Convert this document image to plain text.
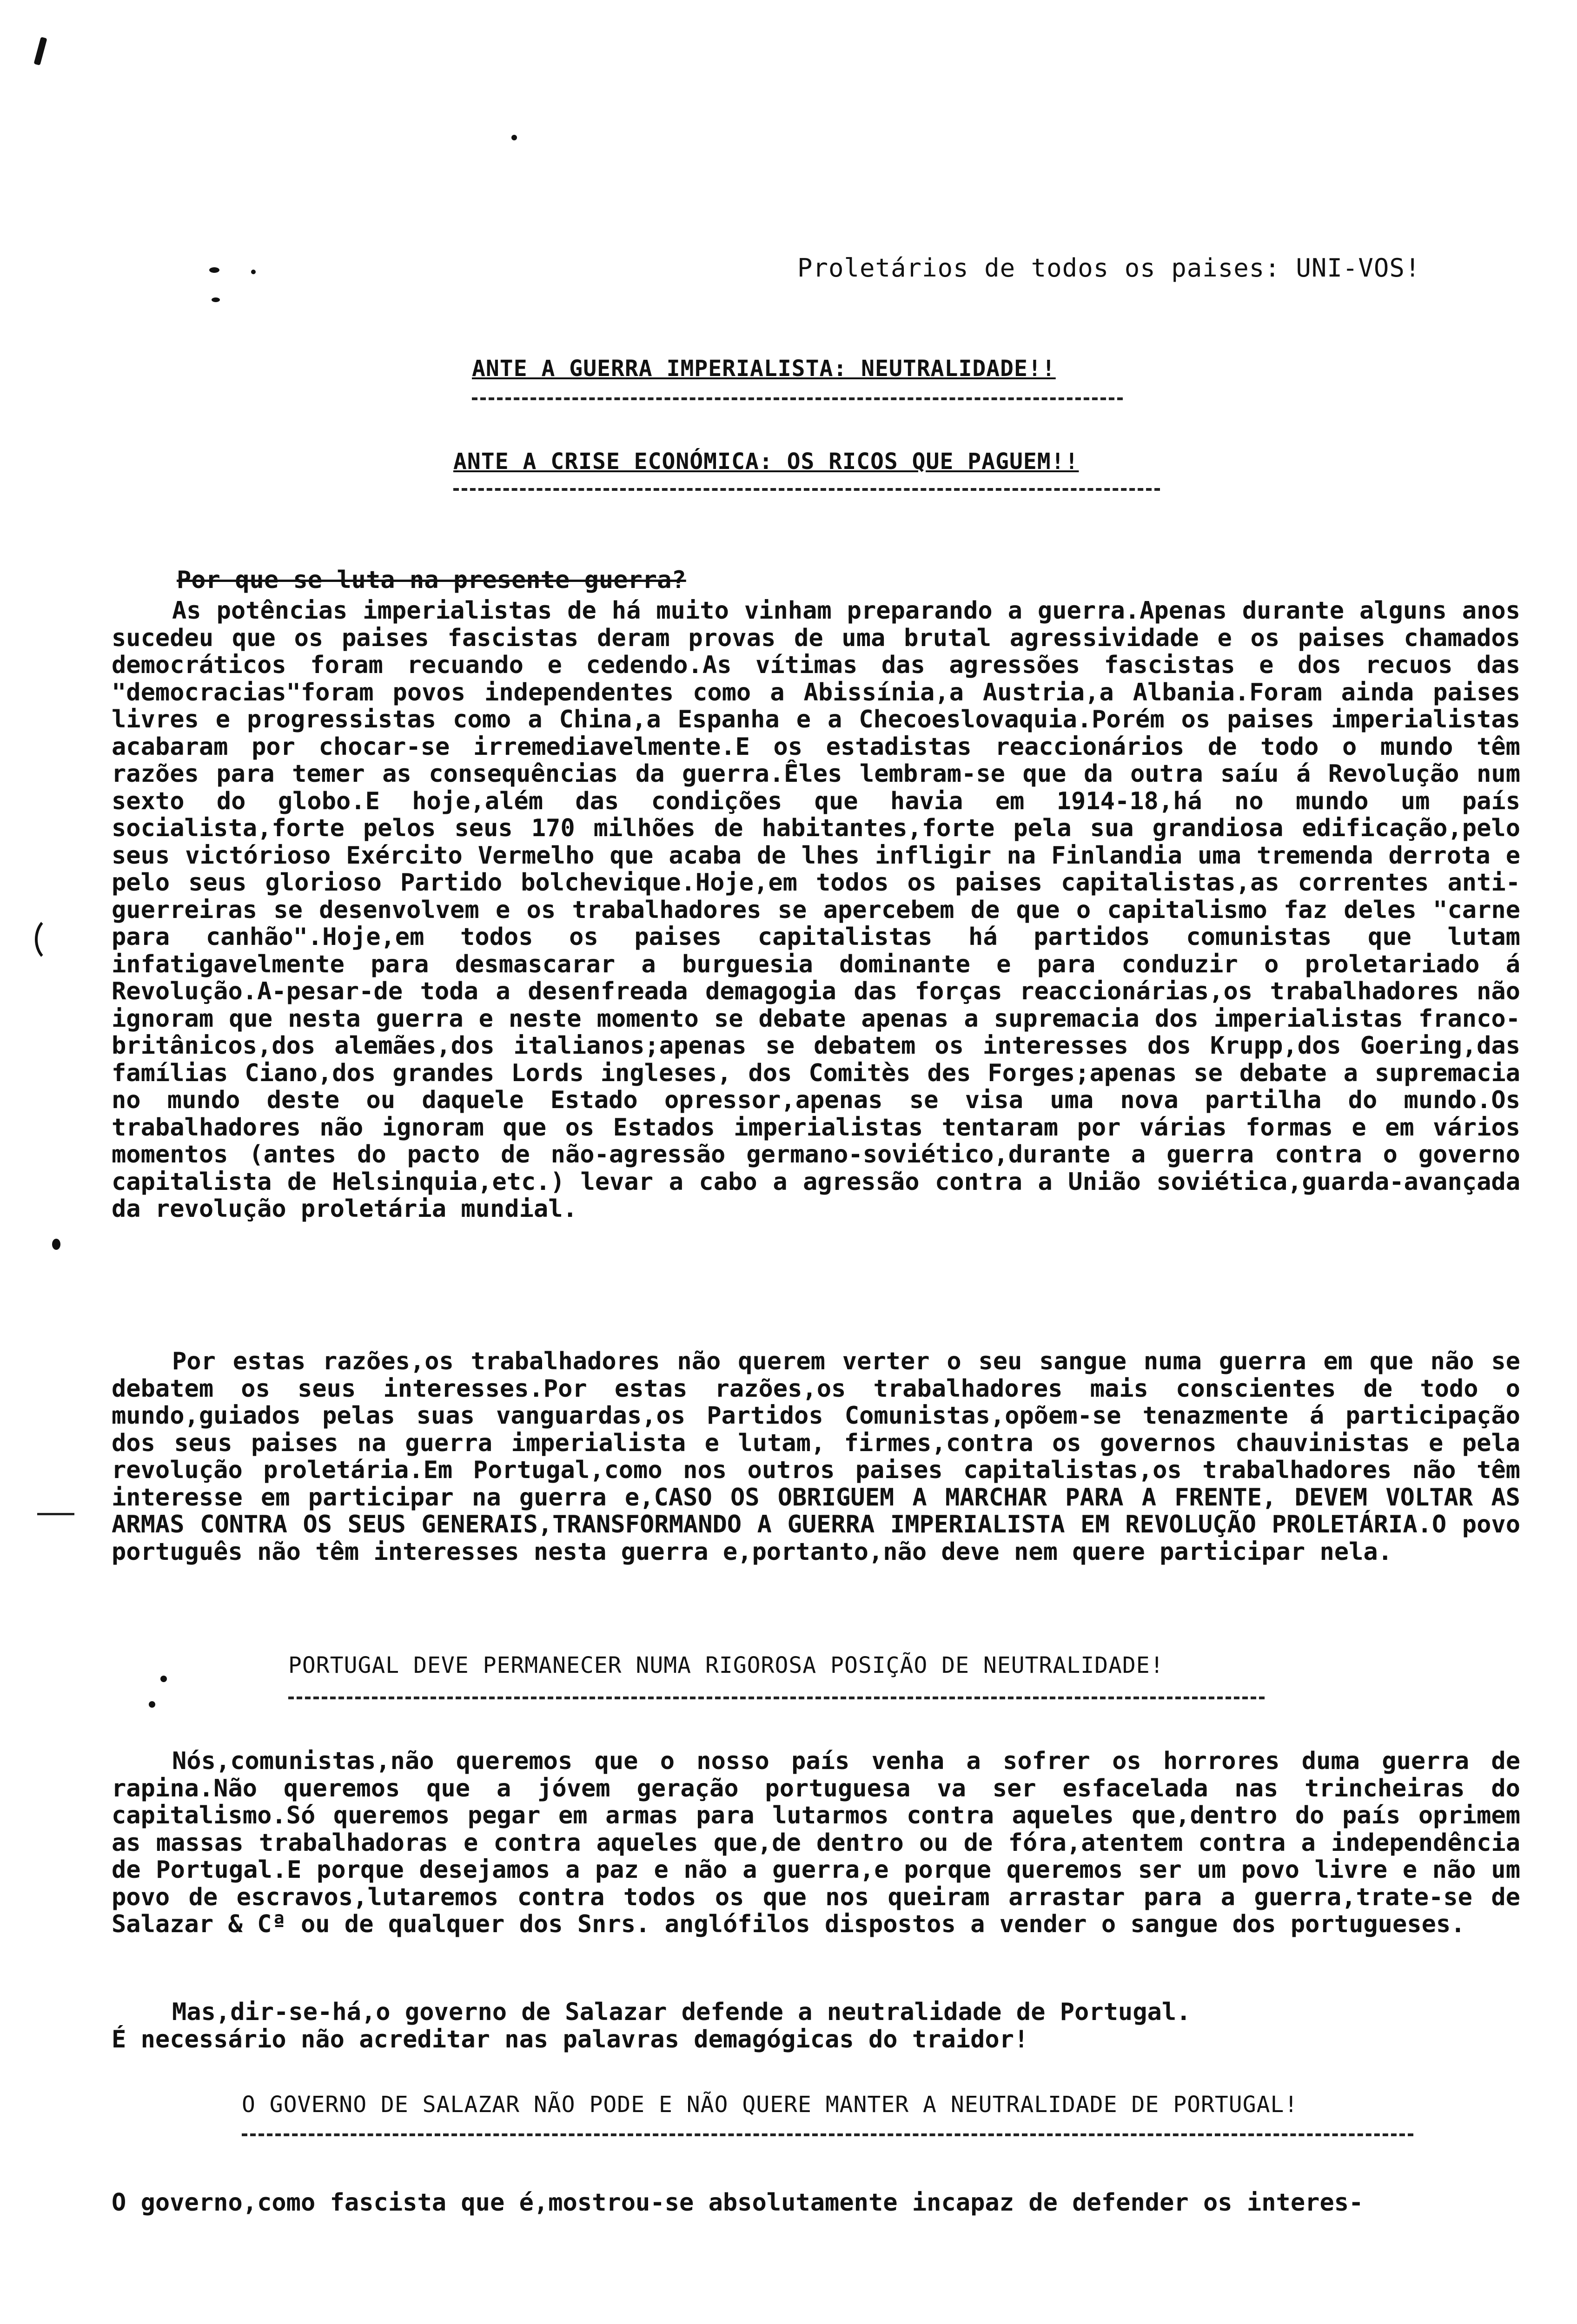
Proletários de todos os paises: UNI-VOS!
ANTE A GUERRA IMPERIALISTA: NEUTRALIDADE!!
ANTE A CRISE ECONÓMICA: OS RICOS QUE PAGUEM!!
Por que se luta na presente guerra?
As potências imperialistas de há muito vinham preparando a guerra.Apenas durante alguns anos sucedeu que os paises fascistas deram provas de uma brutal agressividade e os paises chamados democráticos foram recuando e cedendo.As vítimas das agressões fascistas e dos recuos das "democracias"foram povos independentes como a Abissínia,a Austria,a Albania.Foram ainda paises livres e progressistas como a China,a Espanha e a Checoeslovaquia.Porém os paises imperialistas acabaram por chocar-se irremediavelmente.E os estadistas reaccionários de todo o mundo têm razões para temer as consequências da guerra.Êles lembram-se que da outra saíu á Revolução num sexto do globo.E hoje,além das condições que havia em 1914-18,há no mundo um país socialista,forte pelos seus 170 milhões de habitantes,forte pela sua grandiosa edificação,pelo seus victórioso Exército Vermelho que acaba de lhes infligir na Finlandia uma tremenda derrota e pelo seus glorioso Partido bolchevique.Hoje,em todos os paises capitalistas,as correntes anti-guerreiras se desenvolvem e os trabalhadores se apercebem de que o capitalismo faz deles "carne para canhão".Hoje,em todos os paises capitalistas há partidos comunistas que lutam infatigavelmente para desmascarar a burguesia dominante e para conduzir o proletariado á Revolução.A-pesar-de toda a desenfreada demagogia das forças reaccionárias,os trabalhadores não ignoram que nesta guerra e neste momento se debate apenas a supremacia dos imperialistas franco-britânicos,dos alemães,dos italianos;apenas se debatem os interesses dos Krupp,dos Goering,das famílias Ciano,dos grandes Lords ingleses, dos Comitès des Forges;apenas se debate a supremacia no mundo deste ou daquele Estado opressor,apenas se visa uma nova partilha do mundo.Os trabalhadores não ignoram que os Estados imperialistas tentaram por várias formas e em vários momentos (antes do pacto de não-agressão germano-soviético,durante a guerra contra o governo capitalista de Helsinquia,etc.) levar a cabo a agressão contra a União soviética,guarda-avançada da revolução proletária mundial.
Por estas razões,os trabalhadores não querem verter o seu sangue numa guerra em que não se debatem os seus interesses.Por estas razões,os trabalhadores mais conscientes de todo o mundo,guiados pelas suas vanguardas,os Partidos Comunistas,opõem-se tenazmente á participação dos seus paises na guerra imperialista e lutam, firmes,contra os governos chauvinistas e pela revolução proletária.Em Portugal,como nos outros paises capitalistas,os trabalhadores não têm interesse em participar na guerra e,CASO OS OBRIGUEM A MARCHAR PARA A FRENTE, DEVEM VOLTAR AS ARMAS CONTRA OS SEUS GENERAIS,TRANSFORMANDO A GUERRA IMPERIALISTA EM REVOLUÇÃO PROLETÁRIA.O povo português não têm interesses nesta guerra e,portanto,não deve nem quere participar nela.
PORTUGAL DEVE PERMANECER NUMA RIGOROSA POSIÇÃO DE NEUTRALIDADE!
Nós,comunistas,não queremos que o nosso país venha a sofrer os horrores duma guerra de rapina.Não queremos que a jóvem geração portuguesa va ser esfacelada nas trincheiras do capitalismo.Só queremos pegar em armas para lutarmos contra aqueles que,dentro do país oprimem as massas trabalhadoras e contra aqueles que,de dentro ou de fóra,atentem contra a independência de Portugal.E porque desejamos a paz e não a guerra,e porque queremos ser um povo livre e não um povo de escravos,lutaremos contra todos os que nos queiram arrastar para a guerra,trate-se de Salazar & Cª ou de qualquer dos Snrs. anglófilos dispostos a vender o sangue dos portugueses.
Mas,dir-se-há,o governo de Salazar defende a neutralidade de Portugal.
É necessário não acreditar nas palavras demagógicas do traidor!
O GOVERNO DE SALAZAR NÃO PODE E NÃO QUERE MANTER A NEUTRALIDADE DE PORTUGAL!
O governo,como fascista que é,mostrou-se absolutamente incapaz de defender os interes-
